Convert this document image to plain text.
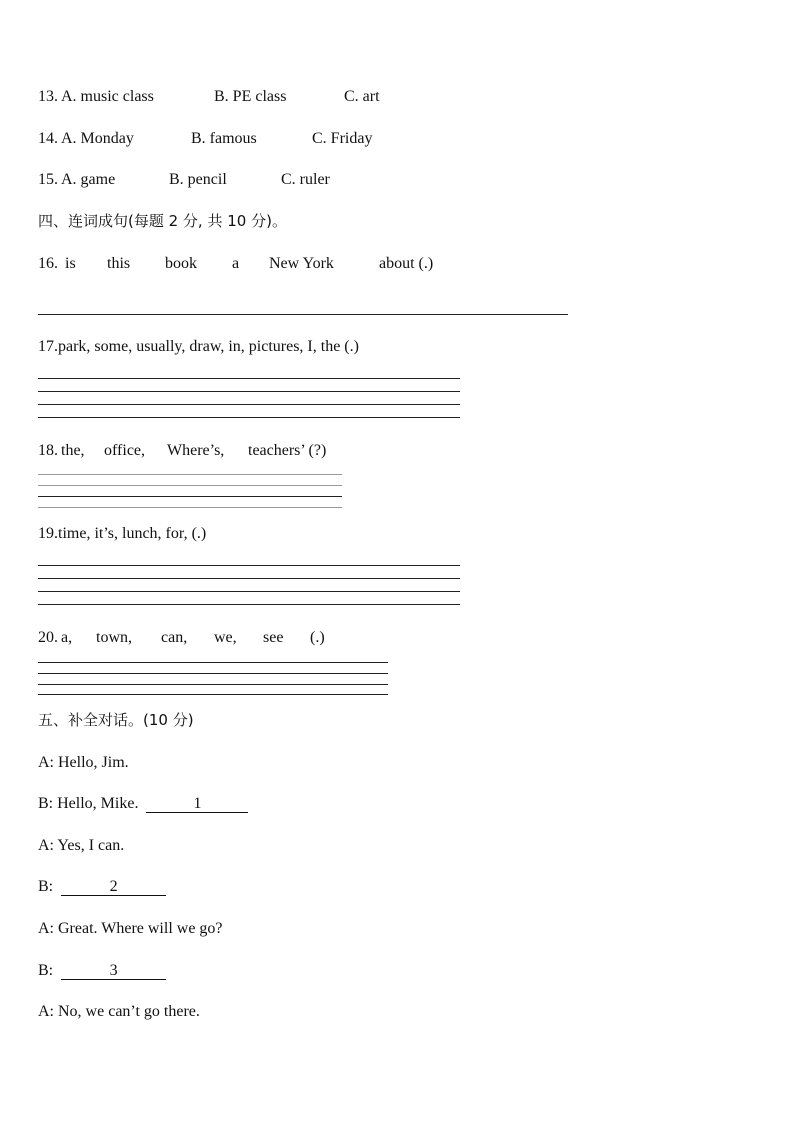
13. A. music class	B. PE class	C. art
14. A. Monday	B. famous	C. Friday
15. A. game	B. pencil	C. ruler
四、连词成句(每题 2 分, 共 10 分)。
16. is this book a New York	about (.)
17.park, some, usually, draw, in, pictures, I, the (.)
18. the, office, Where’s, teachers’ (?)
19.time, it’s, lunch, for, (.)
20. a, town, can, we, see (.)
五、补全对话。(10 分)
A: Hello, Jim.
B: Hello, Mike.	1
A: Yes, I can.
B:	2
A: Great. Where will we go?
B:	3
A: No, we can’t go there.
